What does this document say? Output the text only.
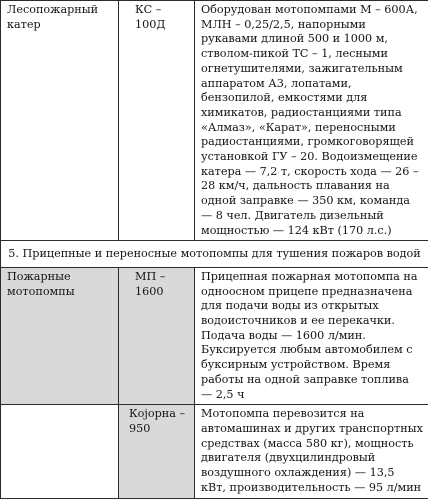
Лесопожарный катер	КС – 100Д	Оборудован мотопомпами М – 600А, МЛН – 0,25/2,5, напорными рукавами длиной 500 и 1000 м, стволом-пикой ТС – 1, лесными огнетушителями, зажигательным аппаратом А3, лопатами, бензопилой, емкостями для химикатов, радиостанциями типа «Алмаз», «Карат», переносными радиостанциями, громкоговорящей установкой ГУ – 20. Водоизмещение катера — 7,2 т, скорость хода — 26 – 28 км/ч, дальность плавания на одной заправке — 350 км, команда — 8 чел. Двигатель дизельный мощностью — 124 кВт (170 л.с.)
5. Прицепные и переносные мотопомпы для тушения пожаров водой		
Пожарные мотопомпы	МП – 1600	Прицепная пожарная мотопомпа на одноосном прицепе предназначена для подачи воды из открытых водоисточников и ее перекачки. Подача воды — 1600 л/мин. Буксируется любым автомобилем с буксирным устройством. Время работы на одной заправке топлива — 2,5 ч
	Којорна – 950	Мотопомпа перевозится на автомашинах и других транспортных средствах (масса 580 кг), мощность двигателя (двухцилиндровый воздушного охлаждения) — 13,5 кВт, производительность — 95 л/мин
